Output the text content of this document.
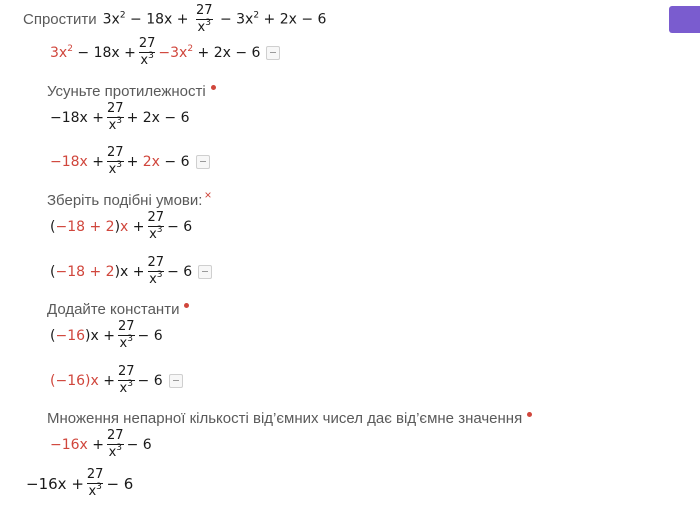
Спростити $3x^2 - 18x + \frac{27}{x^3} - 3x^2 + 2x - 6$
$3x^2$
− $18x + \frac{27}{x^3} -3x^2$
+ 2x − 6
Усуньте протилежності
−18x
+ $\frac{27}{x^3} + 2x - 6$
−18x
+ $\frac{27}{x^3}$ +
2x
− 6
Зберіть подібні умови: ×
( −18 + 2 ) x
+ $\frac{27}{x^3} - 6$
( −18 + 2 ) x
+ $\frac{27}{x^3} - 6$
Додайте константи
( −16 ) x
+ $\frac{27}{x^3} - 6$
(−16)x
+ $\frac{27}{x^3} - 6$
Множення непарної кількості від’ємних чисел дає від’ємне значення
−16x
+ $\frac{27}{x^3} - 6$
−16x
+ $\frac{27}{x^3} - 6$
